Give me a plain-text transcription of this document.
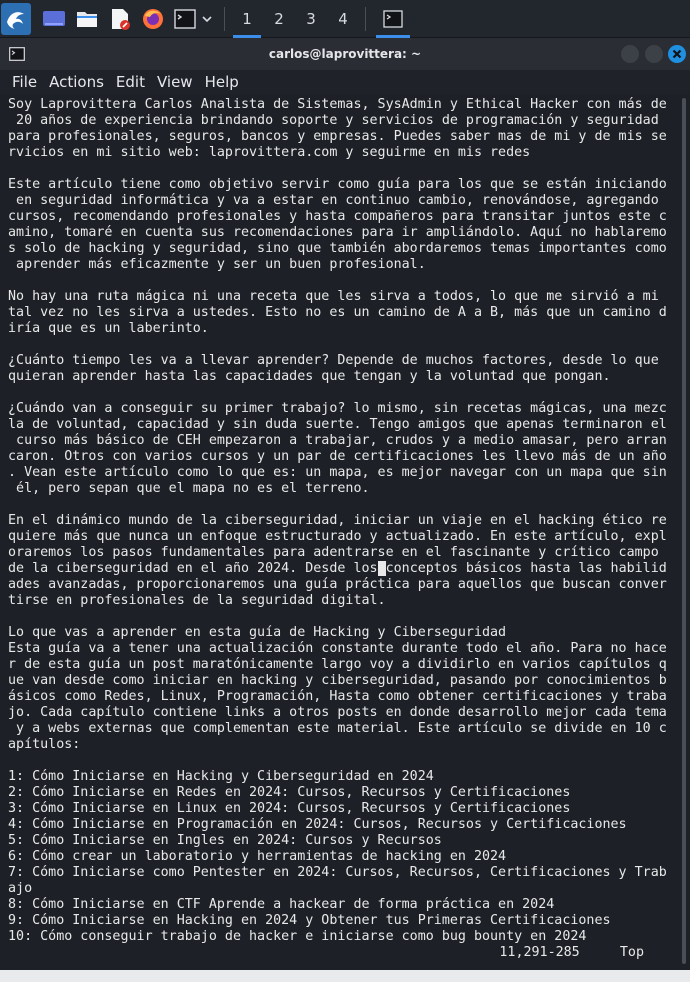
1 2 3 4
carlos@laprovittera: ~
File Actions Edit View Help
Soy Laprovittera Carlos Analista de Sistemas, SysAdmin y Ethical Hacker con más de
20 años de experiencia brindando soporte y servicios de programación y seguridad
para profesionales, seguros, bancos y empresas. Puedes saber mas de mi y de mis se
rvicios en mi sitio web: laprovittera.com y seguirme en mis redes
Este artículo tiene como objetivo servir como guía para los que se están iniciando
en seguridad informática y va a estar en continuo cambio, renovándose, agregando
cursos, recomendando profesionales y hasta compañeros para transitar juntos este c
amino, tomaré en cuenta sus recomendaciones para ir ampliándolo. Aquí no hablaremo
s solo de hacking y seguridad, sino que también abordaremos temas importantes como
aprender más eficazmente y ser un buen profesional.
No hay una ruta mágica ni una receta que les sirva a todos, lo que me sirvió a mi
tal vez no les sirva a ustedes. Esto no es un camino de A a B, más que un camino d
iría que es un laberinto.
¿Cuánto tiempo les va a llevar aprender? Depende de muchos factores, desde lo que
quieran aprender hasta las capacidades que tengan y la voluntad que pongan.
¿Cuándo van a conseguir su primer trabajo? lo mismo, sin recetas mágicas, una mezc
la de voluntad, capacidad y sin duda suerte. Tengo amigos que apenas terminaron el
curso más básico de CEH empezaron a trabajar, crudos y a medio amasar, pero arran
caron. Otros con varios cursos y un par de certificaciones les llevo más de un año
. Vean este artículo como lo que es: un mapa, es mejor navegar con un mapa que sin
él, pero sepan que el mapa no es el terreno.
En el dinámico mundo de la ciberseguridad, iniciar un viaje en el hacking ético re
quiere más que nunca un enfoque estructurado y actualizado. En este artículo, expl
oraremos los pasos fundamentales para adentrarse en el fascinante y crítico campo
de la ciberseguridad en el año 2024. Desde los conceptos básicos hasta las habilid
ades avanzadas, proporcionaremos una guía práctica para aquellos que buscan conver
tirse en profesionales de la seguridad digital.
Lo que vas a aprender en esta guía de Hacking y Ciberseguridad
Esta guía va a tener una actualización constante durante todo el año. Para no hace
r de esta guía un post maratónicamente largo voy a dividirlo en varios capítulos q
ue van desde como iniciar en hacking y ciberseguridad, pasando por conocimientos b
ásicos como Redes, Linux, Programación, Hasta como obtener certificaciones y traba
jo. Cada capítulo contiene links a otros posts en donde desarrollo mejor cada tema
y a webs externas que complementan este material. Este artículo se divide en 10 c
apítulos:
1: Cómo Iniciarse en Hacking y Ciberseguridad en 2024
2: Cómo Iniciarse en Redes en 2024: Cursos, Recursos y Certificaciones
3: Cómo Iniciarse en Linux en 2024: Cursos, Recursos y Certificaciones
4: Cómo Iniciarse en Programación en 2024: Cursos, Recursos y Certificaciones
5: Cómo Iniciarse en Ingles en 2024: Cursos y Recursos
6: Cómo crear un laboratorio y herramientas de hacking en 2024
7: Cómo Iniciarse como Pentester en 2024: Cursos, Recursos, Certificaciones y Trab
ajo
8: Cómo Iniciarse en CTF Aprende a hackear de forma práctica en 2024
9: Cómo Iniciarse en Hacking en 2024 y Obtener tus Primeras Certificaciones
10: Cómo conseguir trabajo de hacker e iniciarse como bug bounty en 2024
11,291-285	Top
